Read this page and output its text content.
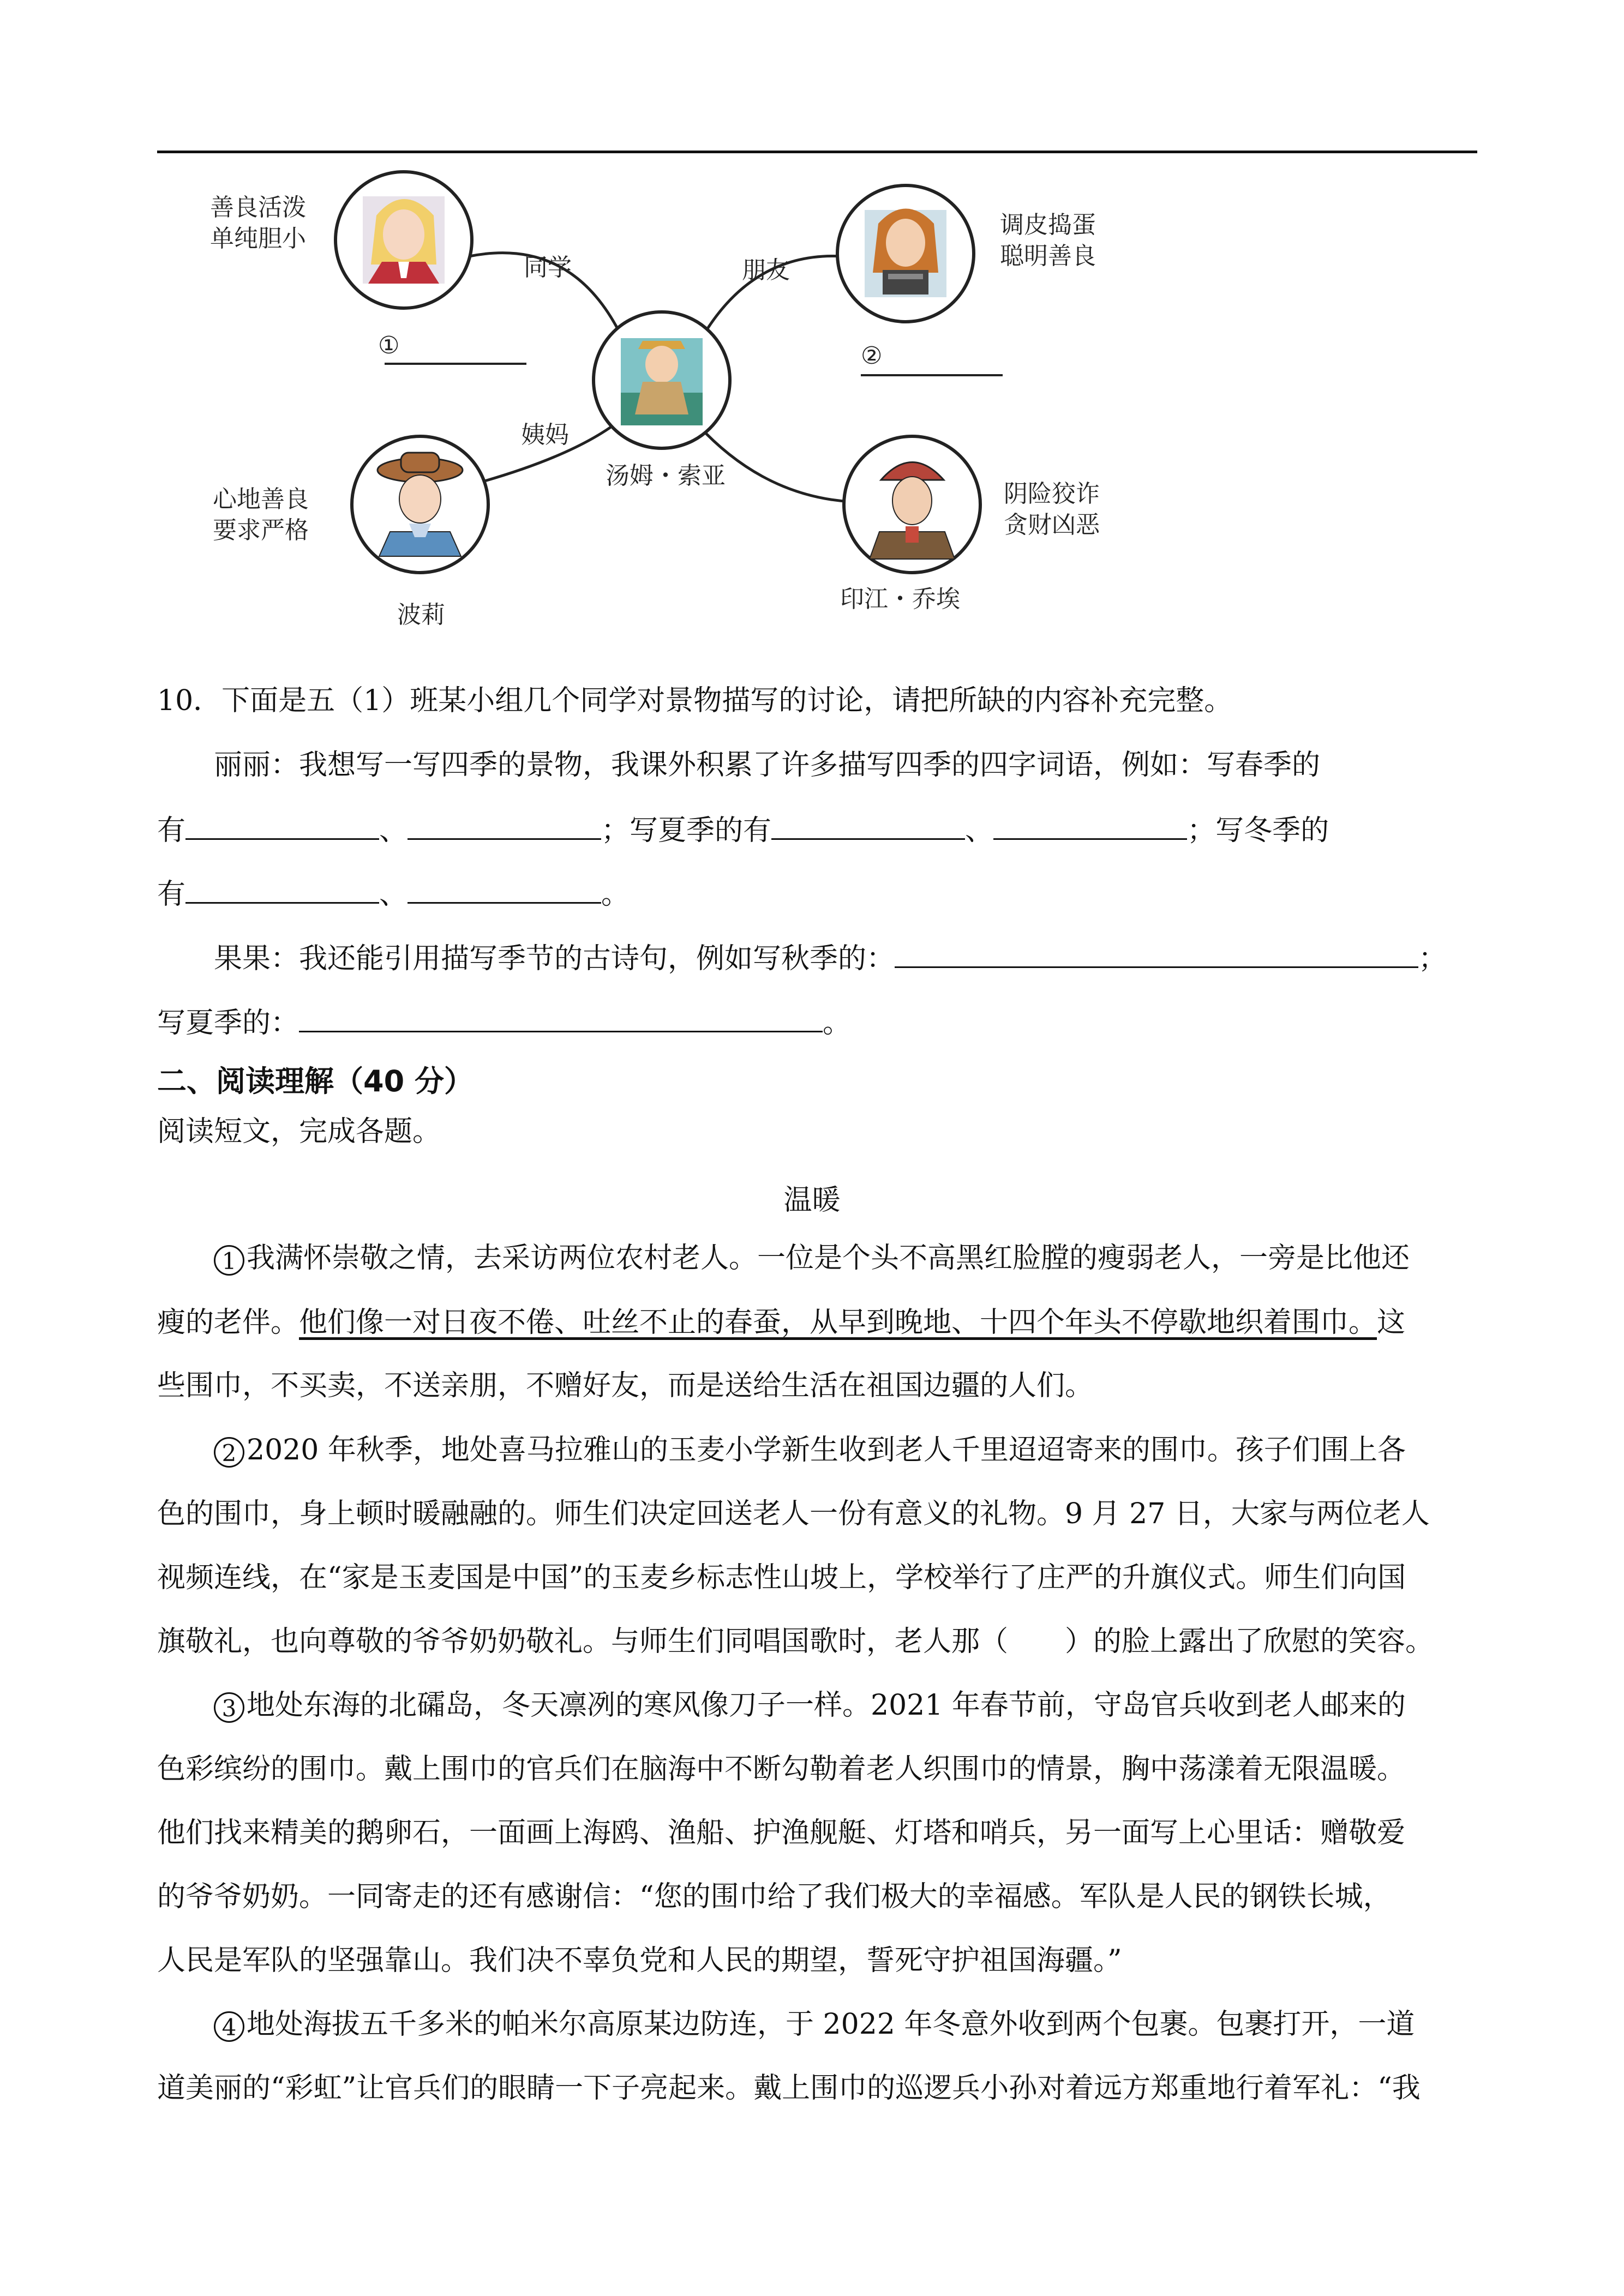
善良活泼
单纯胆小
同学	朋友
调皮捣蛋
聪明善良
①	②
姨妈
汤姆・索亚
心地善良
要求严格
波莉
阴险狡诈
贪财凶恶
印江・乔埃
10．下面是五（1）班某小组几个同学对景物描写的讨论，请把所缺的内容补充完整。
丽丽：我想写一写四季的景物，我课外积累了许多描写四季的四字词语，例如：写春季的
有	、	；写夏季的有	、	；写冬季的
有	、	。
果果：我还能引用描写季节的古诗句，例如写秋季的：	；
写夏季的：	。
二、阅读理解（40 分）
阅读短文，完成各题。
温暖
1 我满怀崇敬之情，去采访两位农村老人。一位是个头不高黑红脸膛的瘦弱老人，一旁是比他还
瘦的老伴。他们像一对日夜不倦、吐丝不止的春蚕，从早到晚地、十四个年头不停歇地织着围巾。这
些围巾，不买卖，不送亲朋，不赠好友，而是送给生活在祖国边疆的人们。
2 2020 年秋季，地处喜马拉雅山的玉麦小学新生收到老人千里迢迢寄来的围巾。孩子们围上各
色的围巾，身上顿时暖融融的。师生们决定回送老人一份有意义的礼物。9 月 27 日，大家与两位老人
视频连线，在“家是玉麦国是中国”的玉麦乡标志性山坡上，学校举行了庄严的升旗仪式。师生们向国
旗敬礼，也向尊敬的爷爷奶奶敬礼。与师生们同唱国歌时，老人那（　　）的脸上露出了欣慰的笑容。
3 地处东海的北礵岛，冬天凛冽的寒风像刀子一样。2021 年春节前，守岛官兵收到老人邮来的
色彩缤纷的围巾。戴上围巾的官兵们在脑海中不断勾勒着老人织围巾的情景，胸中荡漾着无限温暖。
他们找来精美的鹅卵石，一面画上海鸥、渔船、护渔舰艇、灯塔和哨兵，另一面写上心里话：赠敬爱
的爷爷奶奶。一同寄走的还有感谢信：“您的围巾给了我们极大的幸福感。军队是人民的钢铁长城，
人民是军队的坚强靠山。我们决不辜负党和人民的期望，誓死守护祖国海疆。”
4 地处海拔五千多米的帕米尔高原某边防连，于 2022 年冬意外收到两个包裹。包裹打开，一道
道美丽的“彩虹”让官兵们的眼睛一下子亮起来。戴上围巾的巡逻兵小孙对着远方郑重地行着军礼：“我
